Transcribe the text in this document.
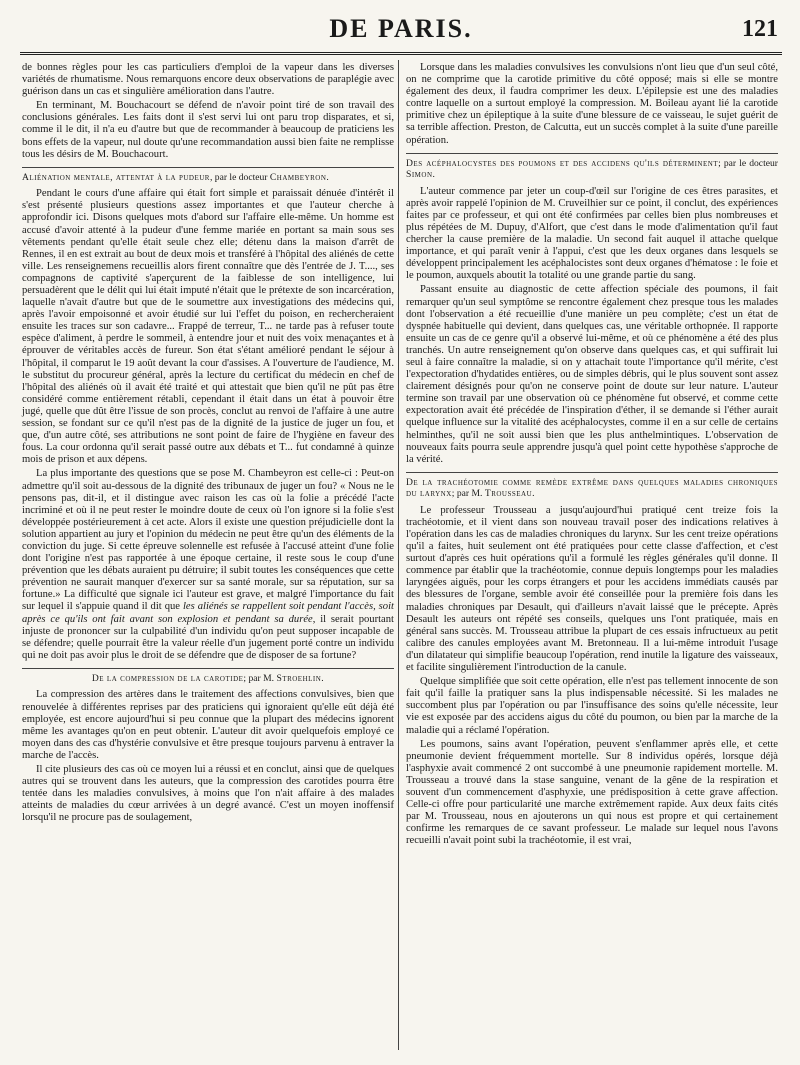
DE PARIS.	121

de bonnes règles pour les cas particuliers d'emploi de la vapeur dans les diverses variétés de rhumatisme. Nous remarquons encore deux observations de paraplégie avec guérison dans un cas et singulière amélioration dans l'autre.

En terminant, M. Bouchacourt se défend de n'avoir point tiré de son travail des conclusions générales. Les faits dont il s'est servi lui ont paru trop disparates, et si, comme il le dit, il n'a eu d'autre but que de recommander à beaucoup de praticiens les bons effets de la vapeur, nul doute qu'une recommandation aussi bien faite ne remplisse tous les désirs de M. Bouchacourt.

Aliénation mentale, attentat à la pudeur, par le docteur Chambeyron.

Pendant le cours d'une affaire qui était fort simple et paraissait dénuée d'intérêt il s'est présenté plusieurs questions assez importantes et que l'auteur cherche à approfondir ici. Disons quelques mots d'abord sur l'affaire elle-même. Un homme est accusé d'avoir attenté à la pudeur d'une femme mariée en portant sa main sous ses vêtements pendant qu'elle était seule chez elle; détenu dans la maison d'arrêt de Rennes, il en est extrait au bout de deux mois et transféré à l'hôpital des aliénés de cette ville. Les renseignemens recueillis alors firent connaître que dès l'entrée de J. T...., ses compagnons de captivité s'aperçurent de la faiblesse de son intelligence, lui persuadèrent que le délit qui lui était imputé n'était que le prétexte de son incarcération, laquelle n'avait d'autre but que de le soumettre aux investigations des médecins qui, après l'avoir empoisonné et avoir étudié sur lui l'effet du poison, en rechercheraient ensuite les traces sur son cadavre... Frappé de terreur, T... ne tarde pas à refuser toute espèce d'aliment, à perdre le sommeil, à entendre jour et nuit des voix menaçantes et à éprouver de véritables accès de fureur. Son état s'étant amélioré pendant le séjour à l'hôpital, il comparut le 19 août devant la cour d'assises. A l'ouverture de l'audience, M. le substitut du procureur général, après la lecture du certificat du médecin en chef de l'hôpital des aliénés où il avait été traité et qui attestait que bien qu'il ne pût pas être considéré comme entièrement rétabli, cependant il était dans un état à pouvoir être jugé, quelle que dût être l'issue de son procès, conclut au renvoi de l'affaire à une autre session, se fondant sur ce qu'il n'est pas de la dignité de la justice de juger un fou, et que, d'un autre côté, ses attributions ne sont point de faire de l'hygiène en faveur des fous. La cour ordonna qu'il serait passé outre aux débats et T... fut condamné à quinze mois de prison et aux dépens.

La plus importante des questions que se pose M. Chambeyron est celle-ci : Peut-on admettre qu'il soit au-dessous de la dignité des tribunaux de juger un fou? « Nous ne le pensons pas, dit-il, et il distingue avec raison les cas où la folie a précédé l'acte incriminé et où il ne peut rester le moindre doute de ceux où l'on ignore si la folie s'est développée postérieurement à cet acte. Alors il existe une question préjudicielle dont la solution appartient au jury et l'opinion du médecin ne peut être qu'un des éléments de la conviction du juge. Si cette épreuve solennelle est refusée à l'accusé atteint d'une folie dont l'origine n'est pas rapportée à une époque certaine, il reste sous le coup d'une prévention que les débats auraient pu détruire; il subit toutes les conséquences que cette prévention ne saurait manquer d'exercer sur sa santé morale, sur sa réputation, sur sa fortune.» La difficulté que signale ici l'auteur est grave, et malgré l'importance du fait sur lequel il s'appuie quand il dit que les aliénés se rappellent soit pendant l'accès, soit après ce qu'ils ont fait avant son explosion et pendant sa durée, il serait pourtant injuste de prononcer sur la culpabilité d'un individu qu'on peut supposer incapable de se défendre; quelle pourrait être la valeur réelle d'un jugement porté contre un individu qui ne doit pas avoir plus le droit de se défendre que de disposer de sa fortune?

De la compression de la carotide; par M. Stroehlin.

La compression des artères dans le traitement des affections convulsives, bien que renouvelée à différentes reprises par des praticiens qui ignoraient qu'elle eût déjà été employée, est encore aujourd'hui si peu connue que la plupart des médecins ignorent même les avantages qu'on en peut obtenir. L'auteur dit avoir quelquefois employé ce moyen dans des cas d'hystérie convulsive et être presque toujours parvenu à entraver la marche de l'accès.

Il cite plusieurs des cas où ce moyen lui a réussi et en conclut, ainsi que de quelques autres qui se trouvent dans les auteurs, que la compression des carotides pourra être tentée dans les maladies convulsives, à moins que l'on n'ait affaire à des malades atteints de maladies du cœur arrivées à un degré avancé. C'est un moyen inoffensif lorsqu'il ne procure pas de soulagement,

Lorsque dans les maladies convulsives les convulsions n'ont lieu que d'un seul côté, on ne comprime que la carotide primitive du côté opposé; mais si elle se montre également des deux, il faudra comprimer les deux. L'épilepsie est une des maladies contre laquelle on a surtout employé la compression. M. Boileau ayant lié la carotide primitive chez un épileptique à la suite d'une blessure de ce vaisseau, le sujet guérit de sa terrible affection. Preston, de Calcutta, eut un succès complet à la suite d'une pareille opération.

Des acéphalocystes des poumons et des accidens qu'ils déterminent; par le docteur Simon.

L'auteur commence par jeter un coup-d'œil sur l'origine de ces êtres parasites, et après avoir rappelé l'opinion de M. Cruveilhier sur ce point, il conclut, des expériences faites par ce professeur, et qui ont été confirmées par celles bien plus nombreuses et plus répétées de M. Dupuy, d'Alfort, que c'est dans le mode d'alimentation qu'il faut chercher la cause première de la maladie. Un second fait auquel il attache quelque importance, et qui paraît venir à l'appui, c'est que les deux organes dans lesquels se développent principalement les acéphalocistes sont deux organes d'hématose : le foie et le poumon, auxquels aboutit la totalité ou une grande partie du sang.

Passant ensuite au diagnostic de cette affection spéciale des poumons, il fait remarquer qu'un seul symptôme se rencontre également chez presque tous les malades dont l'observation a été recueillie d'une manière un peu complète; c'est un état de dyspnée habituelle qui devient, dans quelques cas, une véritable orthopnée. Il rapporte ensuite un cas de ce genre qu'il a observé lui-même, et où ce phénomène a été des plus tranchés. Un autre renseignement qu'on observe dans quelques cas, et qui suffirait lui seul à faire connaître la maladie, si on y attachait toute l'importance qu'il mérite, c'est l'expectoration d'hydatides entières, ou de simples débris, qui le plus souvent sont assez clairement désignés pour qu'on ne conserve point de doute sur leur nature. L'auteur termine son travail par une observation où ce phénomène fut observé, et comme cette expectoration avait été précédée de l'inspiration d'éther, il se demande si l'éther aurait quelque influence sur la vitalité des acéphalocystes, comme il en a sur celle de certains helminthes, qu'il ne soit aussi bien que les plus anthelmintiques. L'observation de nouveaux faits pourra seule apprendre jusqu'à quel point cette hypothèse s'approche de la vérité.

De la trachéotomie comme remède extrême dans quelques maladies chroniques du larynx; par M. Trousseau.

Le professeur Trousseau a jusqu'aujourd'hui pratiqué cent treize fois la trachéotomie, et il vient dans son nouveau travail poser des indications relatives à l'opération dans les cas de maladies chroniques du larynx. Sur les cent treize opérations qu'il a faites, huit seulement ont été pratiquées pour cette classe d'affection, et c'est surtout d'après ces huit opérations qu'il a formulé les règles générales qu'il donne. Il commence par établir que la trachéotomie, connue depuis longtemps pour les maladies laryngées aiguës, pour les corps étrangers et pour les accidens immédiats causés par des blessures de l'organe, semble avoir été conseillée pour la première fois dans les maladies chroniques par Desault, qui d'ailleurs n'avait laissé que le précepte. Après Desault les auteurs ont répété ses conseils, quelques uns l'ont pratiquée, mais en général sans succès. M. Trousseau attribue la plupart de ces essais infructueux au petit calibre des canules employées avant M. Bretonneau. Il a lui-même introduit l'usage d'un dilatateur qui simplifie beaucoup l'opération, rend inutile la ligature des vaisseaux, et facilite singulièrement l'introduction de la canule.

Quelque simplifiée que soit cette opération, elle n'est pas tellement innocente de son fait qu'il faille la pratiquer sans la plus indispensable nécessité. Si les malades ne succombent plus par l'opération ou par l'insuffisance des soins qu'elle nécessite, leur vie est exposée par des accidens aigus du côté du poumon, ou bien par la marche de la maladie qui a réclamé l'opération.

Les poumons, sains avant l'opération, peuvent s'enflammer après elle, et cette pneumonie devient fréquemment mortelle. Sur 8 individus opérés, lorsque déjà l'asphyxie avait commencé 2 ont succombé à une pneumonie rapidement mortelle. M. Trousseau a trouvé dans la stase sanguine, venant de la gêne de la respiration et souvent d'un commencement d'asphyxie, une prédisposition à cette grave affection. Celle-ci offre pour particularité une marche extrêmement rapide. Aux deux faits cités par M. Trousseau, nous en ajouterons un qui nous est propre et qui certainement confirme les remarques de ce savant professeur. Le malade sur lequel nous l'avons recueilli n'avait point subi la trachéotomie, il est vrai,
